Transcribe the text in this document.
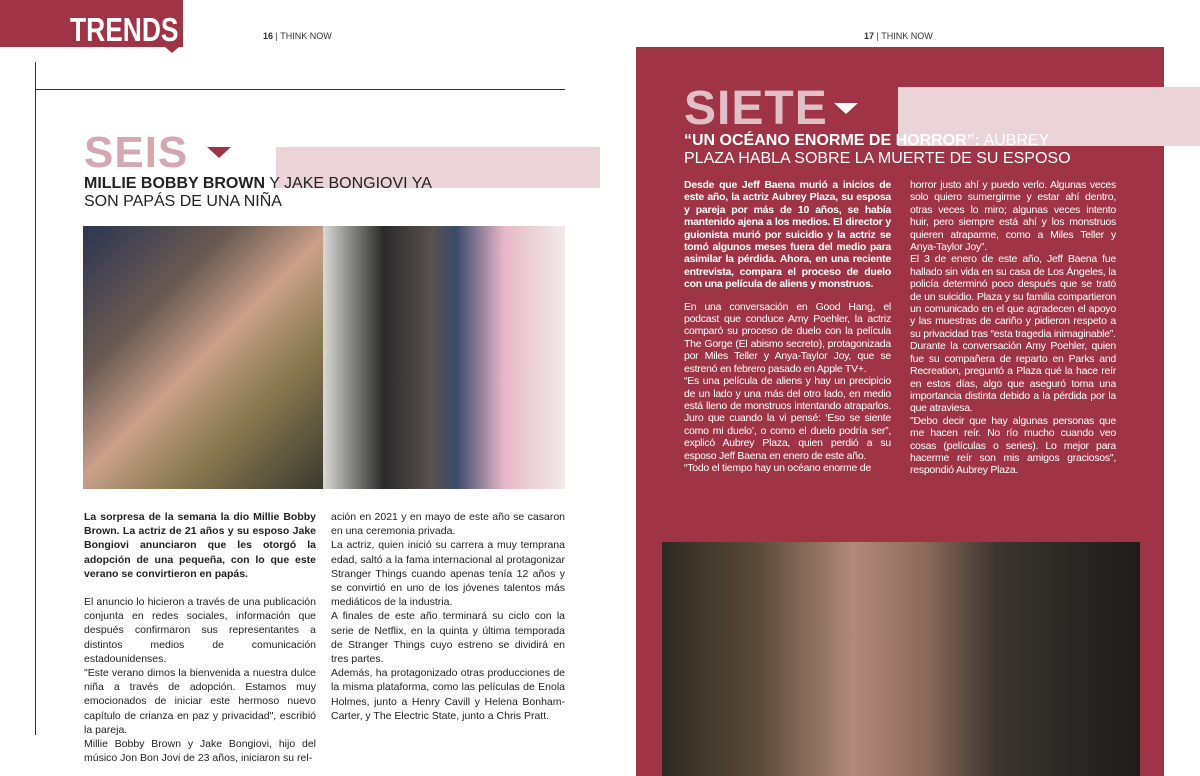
TRENDS	16 | THINK NOW
SEIS
MILLIE BOBBY BROWN Y JAKE BONGIOVI YA SON PAPÁS DE UNA NIÑA

La sorpresa de la semana la dio Millie Bobby Brown. La actriz de 21 años y su esposo Jake Bongiovi anunciaron que les otorgó la adopción de una pequeña, con lo que este verano se convirtieron en papás.

El anuncio lo hicieron a través de una publicación conjunta en redes sociales, información que después confirmaron sus representantes a distintos medios de comunicación estadounidenses.

"Este verano dimos la bienvenida a nuestra dulce niña a través de adopción. Estamos muy emocionados de iniciar este hermoso nuevo capítulo de crianza en paz y privacidad", escribió la pareja.

Millie Bobby Brown y Jake Bongiovi, hijo del músico Jon Bon Jovi de 23 años, iniciaron su rel-

ación en 2021 y en mayo de este año se casaron en una ceremonia privada.

La actriz, quien inició su carrera a muy temprana edad, saltó a la fama internacional al protagonizar Stranger Things cuando apenas tenía 12 años y se convirtió en uno de los jóvenes talentos más mediáticos de la industria.

A finales de este año terminará su ciclo con la serie de Netflix, en la quinta y última temporada de Stranger Things cuyo estreno se dividirá en tres partes.

Además, ha protagonizado otras producciones de la misma plataforma, como las películas de Enola Holmes, junto a Henry Cavill y Helena Bonham-Carter, y The Electric State, junto a Chris Pratt.

17 | THINK NOW
SIETE
“UN OCÉANO ENORME DE HORROR”: AUBREY PLAZA HABLA SOBRE LA MUERTE DE SU ESPOSO

Desde que Jeff Baena murió a inicios de este año, la actriz Aubrey Plaza, su esposa y pareja por más de 10 años, se había mantenido ajena a los medios. El director y guionista murió por suicidio y la actriz se tomó algunos meses fuera del medio para asimilar la pérdida. Ahora, en una reciente entrevista, compara el proceso de duelo con una película de aliens y monstruos.

En una conversación en Good Hang, el podcast que conduce Amy Poehler, la actriz comparó su proceso de duelo con la película The Gorge (El abismo secreto), protagonizada por Miles Teller y Anya-Taylor Joy, que se estrenó en febrero pasado en Apple TV+.

“Es una película de aliens y hay un precipicio de un lado y una más del otro lado, en medio está lleno de monstruos intentando atraparlos. Juro que cuando la vi pensé: ‘Eso se siente como mi duelo’, o como el duelo podría ser”, explicó Aubrey Plaza, quien perdió a su esposo Jeff Baena en enero de este año.

“Todo el tiempo hay un océano enorme de

horror justo ahí y puedo verlo. Algunas veces solo quiero sumergirme y estar ahí dentro, otras veces lo miro; algunas veces intento huir, pero siempre está ahí y los monstruos quieren atraparme, como a Miles Teller y Anya-Taylor Joy”.

El 3 de enero de este año, Jeff Baena fue hallado sin vida en su casa de Los Ángeles, la policía determinó poco después que se trató de un suicidio. Plaza y su familia compartieron un comunicado en el que agradecen el apoyo y las muestras de cariño y pidieron respeto a su privacidad tras “esta tragedia inimaginable”.

Durante la conversación Amy Poehler, quien fue su compañera de reparto en Parks and Recreation, preguntó a Plaza qué la hace reír en estos días, algo que aseguró toma una importancia distinta debido a la pérdida por la que atraviesa.

"Debo decir que hay algunas personas que me hacen reír. No río mucho cuando veo cosas (películas o series). Lo mejor para hacerme reír son mis amigos graciosos", respondió Aubrey Plaza.
